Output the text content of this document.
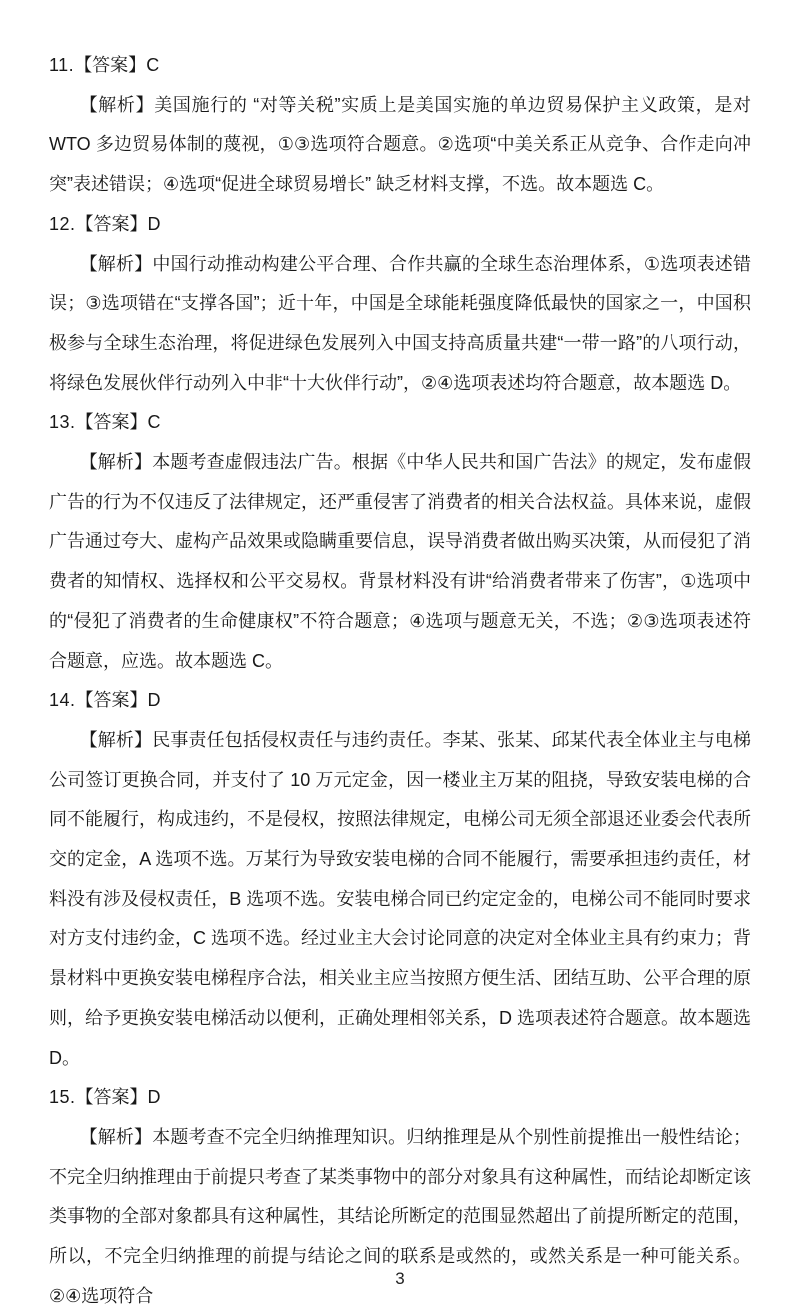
11.【答案】C

【解析】美国施行的 “对等关税”实质上是美国实施的单边贸易保护主义政策，是对 WTO 多边贸易体制的蔑视，①③选项符合题意。②选项“中美关系正从竞争、合作走向冲突”表述错误；④选项“促进全球贸易增长” 缺乏材料支撑，不选。故本题选 C。

12.【答案】D

【解析】中国行动推动构建公平合理、合作共赢的全球生态治理体系，①选项表述错误；③选项错在“支撑各国”；近十年，中国是全球能耗强度降低最快的国家之一，中国积极参与全球生态治理，将促进绿色发展列入中国支持高质量共建“一带一路”的八项行动，将绿色发展伙伴行动列入中非“十大伙伴行动”，②④选项表述均符合题意，故本题选 D。

13.【答案】C

【解析】本题考查虚假违法广告。根据《中华人民共和国广告法》的规定，发布虚假广告的行为不仅违反了法律规定，还严重侵害了消费者的相关合法权益。具体来说，虚假广告通过夸大、虚构产品效果或隐瞒重要信息，误导消费者做出购买决策，从而侵犯了消费者的知情权、选择权和公平交易权。背景材料没有讲“给消费者带来了伤害”，①选项中的“侵犯了消费者的生命健康权”不符合题意；④选项与题意无关，不选；②③选项表述符合题意，应选。故本题选 C。

14.【答案】D

【解析】民事责任包括侵权责任与违约责任。李某、张某、邱某代表全体业主与电梯公司签订更换合同，并支付了 10 万元定金，因一楼业主万某的阻挠，导致安装电梯的合同不能履行，构成违约，不是侵权，按照法律规定，电梯公司无须全部退还业委会代表所交的定金，A 选项不选。万某行为导致安装电梯的合同不能履行，需要承担违约责任，材料没有涉及侵权责任，B 选项不选。安装电梯合同已约定定金的，电梯公司不能同时要求对方支付违约金，C 选项不选。经过业主大会讨论同意的决定对全体业主具有约束力；背景材料中更换安装电梯程序合法，相关业主应当按照方便生活、团结互助、公平合理的原则，给予更换安装电梯活动以便利，正确处理相邻关系，D 选项表述符合题意。故本题选 D。

15.【答案】D

【解析】本题考查不完全归纳推理知识。归纳推理是从个别性前提推出一般性结论；不完全归纳推理由于前提只考查了某类事物中的部分对象具有这种属性，而结论却断定该类事物的全部对象都具有这种属性，其结论所断定的范围显然超出了前提所断定的范围，所以，不完全归纳推理的前提与结论之间的联系是或然的，或然关系是一种可能关系。②④选项符合

3
